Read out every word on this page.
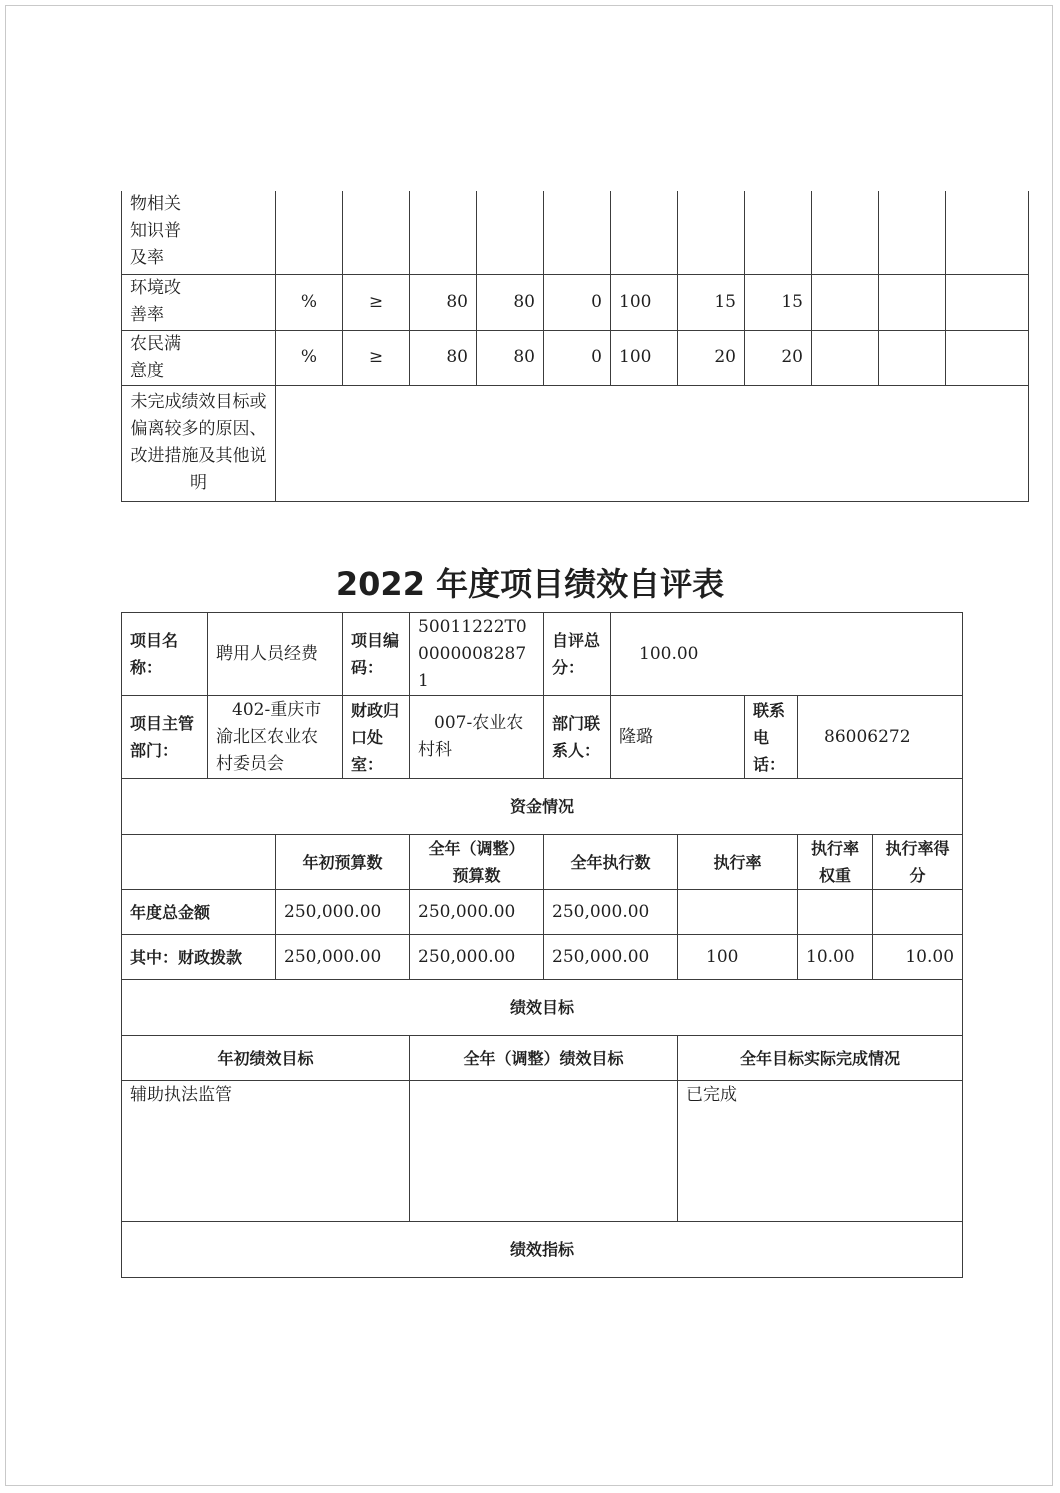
物相关知识普及率											
环境改善率	%	≥	80	80	0	100	15	15			
农民满意度	%	≥	80	80	0	100	20	20			
未完成绩效目标或偏离较多的原因、改进措施及其他说明											
2022 年度项目绩效自评表
项目名称：	聘用人员经费		项目编码：	50011222T000000082871	自评总分：	100.00				
项目主管部门：	402-重庆市渝北区农业农村委员会		财政归口处室：	007-农业农村科	部门联系人：	隆璐		联系电话：	86006272	
资金情况										
		年初预算数		全年（调整）预算数	全年执行数		执行率		执行率权重	执行率得分
年度总金额		250,000.00		250,000.00	250,000.00					
其中：财政拨款		250,000.00		250,000.00	250,000.00		100		10.00	10.00
绩效目标										
年初绩效目标				全年（调整）绩效目标			全年目标实际完成情况			
辅助执法监管							已完成			
绩效指标										
